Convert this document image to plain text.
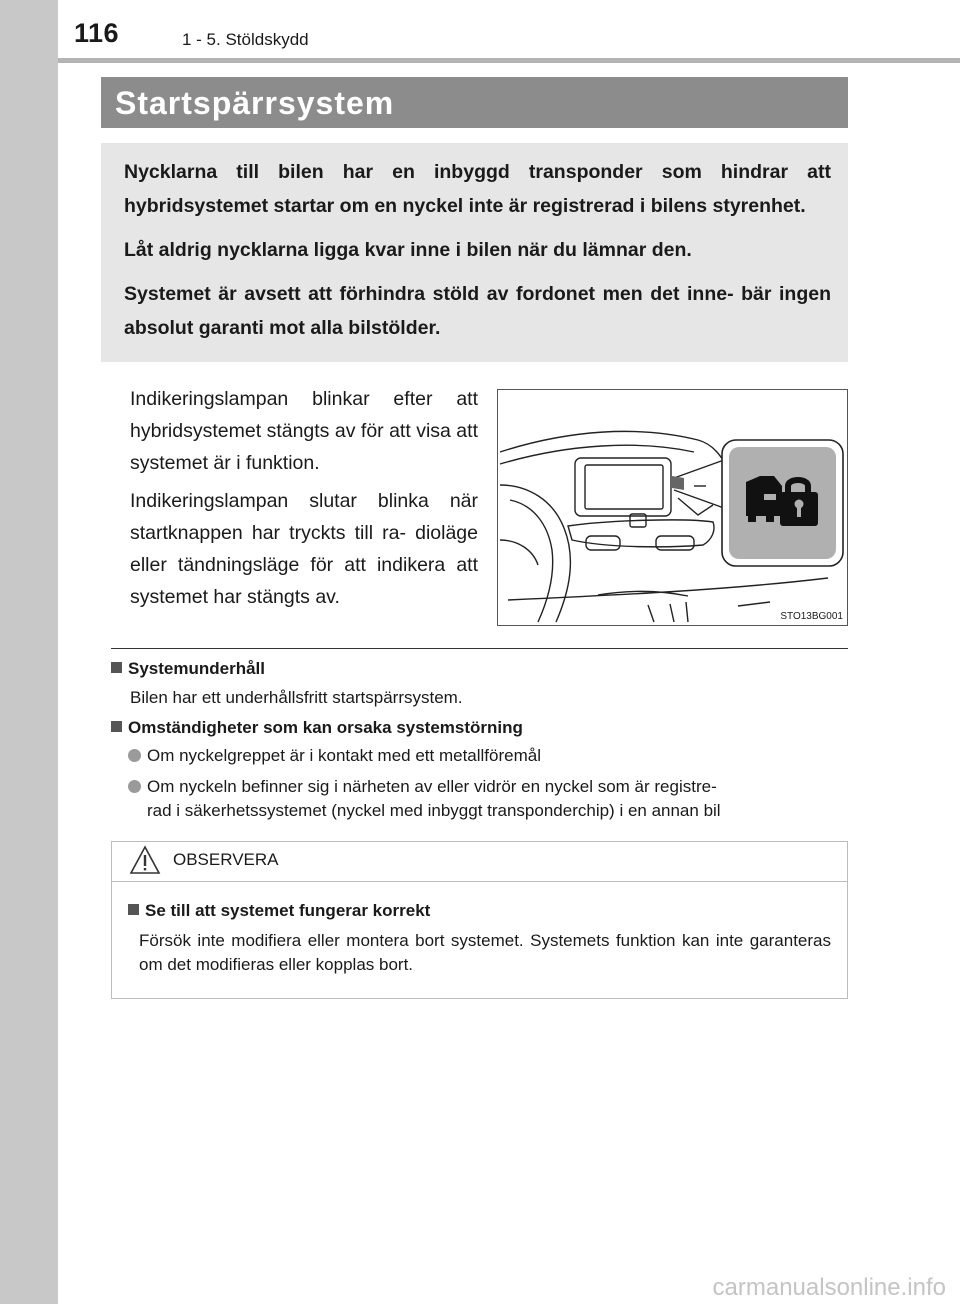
116	1 - 5. Stöldskydd
Startspärrsystem

Nycklarna till bilen har en inbyggd transponder som hindrar att hybridsystemet startar om en nyckel inte är registrerad i bilens styrenhet.

Låt aldrig nycklarna ligga kvar inne i bilen när du lämnar den.

Systemet är avsett att förhindra stöld av fordonet men det inne- bär ingen absolut garanti mot alla bilstölder.

Indikeringslampan blinkar efter att hybridsystemet stängts av för att visa att systemet är i funktion.

Indikeringslampan slutar blinka när startknappen har tryckts till ra- dioläge eller tändningsläge för att indikera att systemet har stängts av.

STO13BG001
Systemunderhåll
Bilen har ett underhållsfritt startspärrsystem.
Omständigheter som kan orsaka systemstörning
Om nyckelgreppet är i kontakt med ett metallföremål
Om nyckeln befinner sig i närheten av eller vidrör en nyckel som är registre-
rad i säkerhetssystemet (nyckel med inbyggt transponderchip) i en annan bil
OBSERVERA
Se till att systemet fungerar korrekt
Försök inte modifiera eller montera bort systemet. Systemets funktion kan inte garanteras om det modifieras eller kopplas bort.
carmanualsonline.info
